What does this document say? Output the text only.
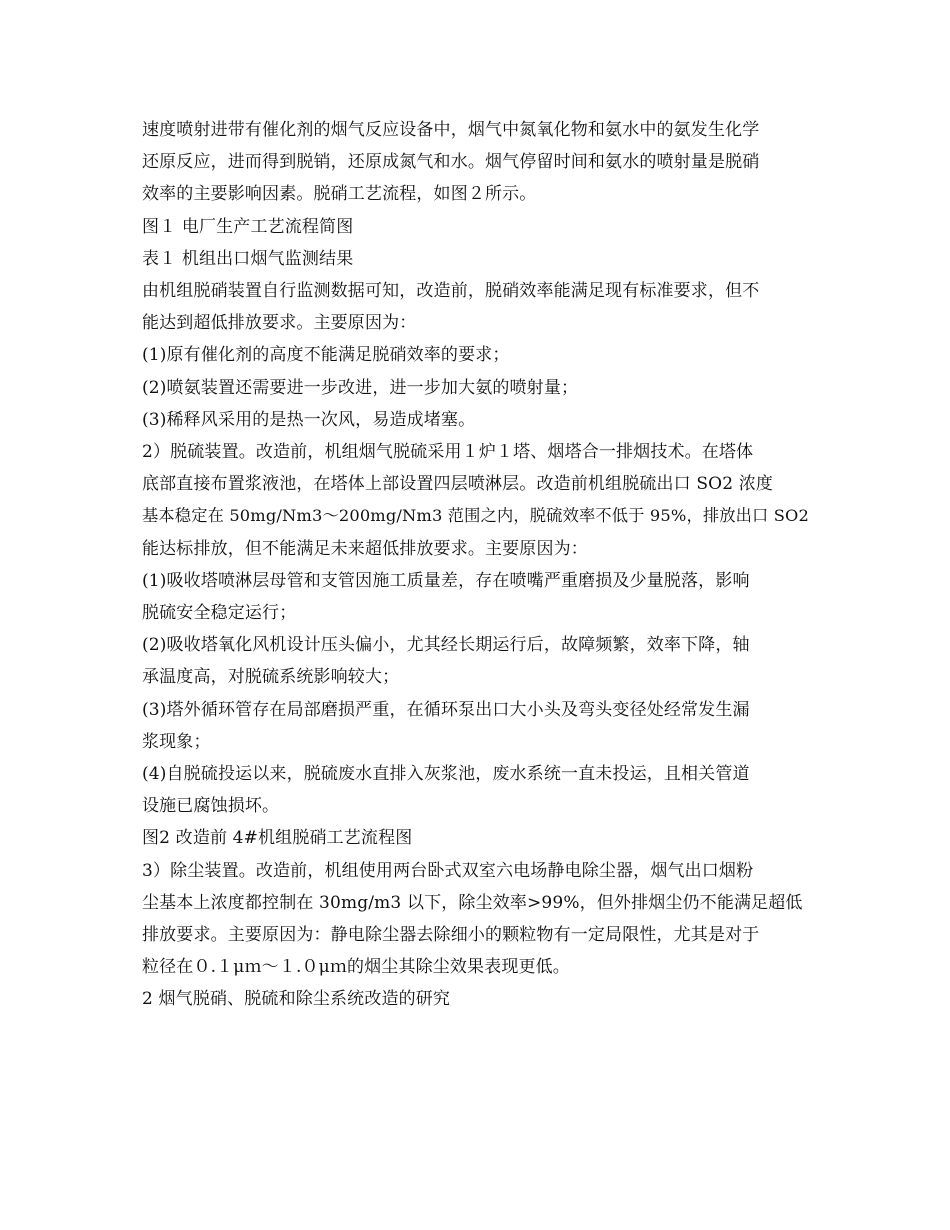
速度喷射进带有催化剂的烟气反应设备中，烟气中氮氧化物和氨水中的氨发生化学
还原反应，进而得到脱销，还原成氮气和水。烟气停留时间和氨水的喷射量是脱硝
效率的主要影响因素。脱硝工艺流程，如图２所示。
图１ 电厂生产工艺流程简图
表１ 机组出口烟气监测结果
由机组脱硝装置自行监测数据可知，改造前，脱硝效率能满足现有标准要求，但不
能达到超低排放要求。主要原因为：
(1)原有催化剂的高度不能满足脱硝效率的要求；
(2)喷氨装置还需要进一步改进，进一步加大氨的喷射量；
(3)稀释风采用的是热一次风，易造成堵塞。
2）脱硫装置。改造前，机组烟气脱硫采用１炉１塔、烟塔合一排烟技术。在塔体
底部直接布置浆液池，在塔体上部设置四层喷淋层。改造前机组脱硫出口 SO2 浓度
基本稳定在 50mg/Nm3～200mg/Nm3 范围之内，脱硫效率不低于 95%，排放出口 SO2
能达标排放，但不能满足未来超低排放要求。主要原因为：
(1)吸收塔喷淋层母管和支管因施工质量差，存在喷嘴严重磨损及少量脱落，影响
脱硫安全稳定运行；
(2)吸收塔氧化风机设计压头偏小，尤其经长期运行后，故障频繁，效率下降，轴
承温度高，对脱硫系统影响较大；
(3)塔外循环管存在局部磨损严重，在循环泵出口大小头及弯头变径处经常发生漏
浆现象；
(4)自脱硫投运以来，脱硫废水直排入灰浆池，废水系统一直未投运，且相关管道
设施已腐蚀损坏。
图2 改造前 4#机组脱硝工艺流程图
3）除尘装置。改造前，机组使用两台卧式双室六电场静电除尘器，烟气出口烟粉
尘基本上浓度都控制在 30mg/m3 以下，除尘效率>99%，但外排烟尘仍不能满足超低
排放要求。主要原因为：静电除尘器去除细小的颗粒物有一定局限性，尤其是对于
粒径在０.１μｍ～１.０μｍ的烟尘其除尘效果表现更低。
2 烟气脱硝、脱硫和除尘系统改造的研究
